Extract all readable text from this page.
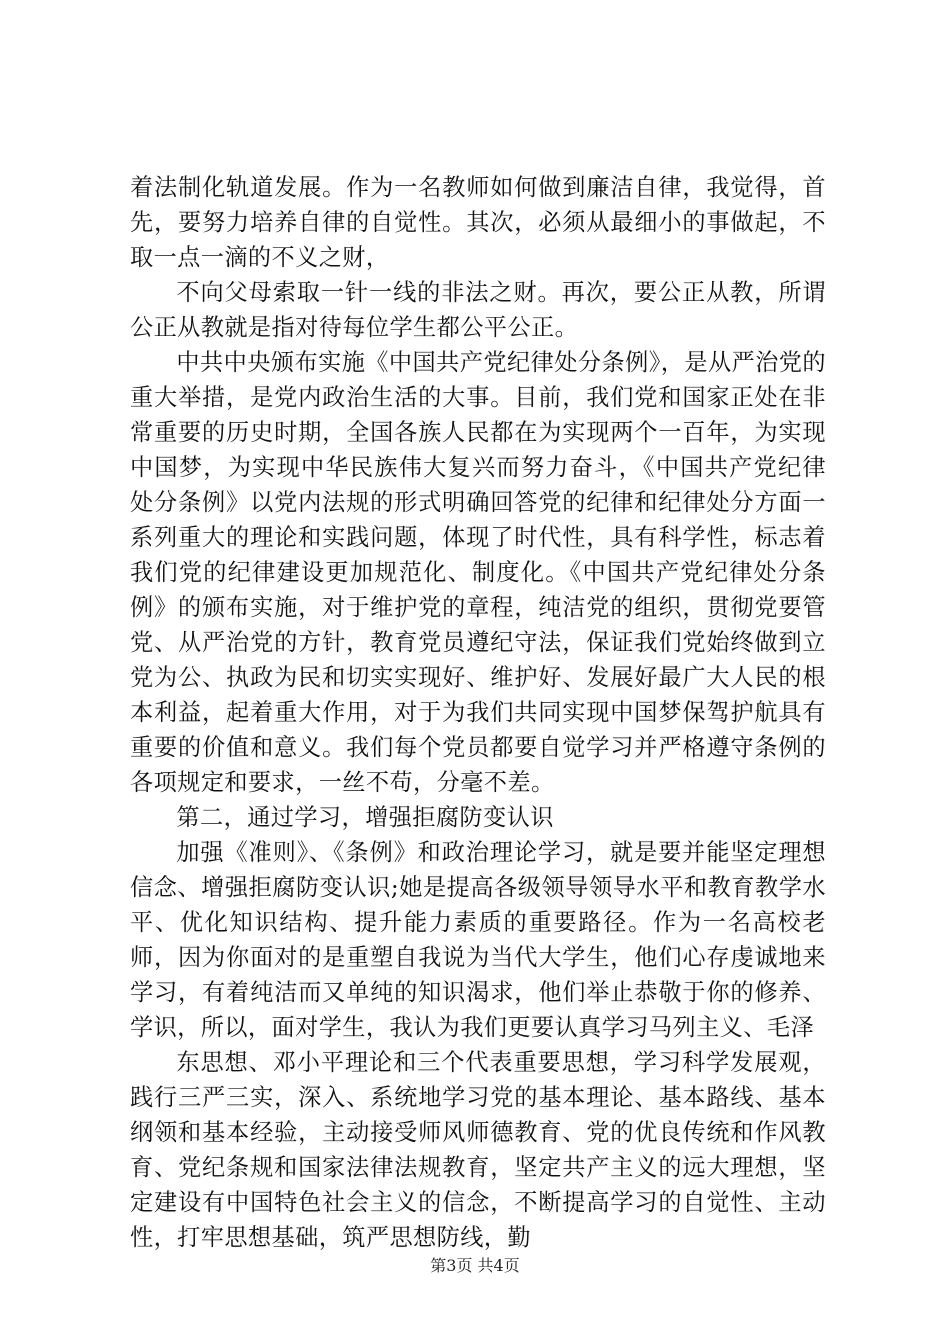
着法制化轨道发展。作为一名教师如何做到廉洁自律，我觉得，首先，要努力培养自律的自觉性。其次，必须从最细小的事做起，不取一点一滴的不义之财，

不向父母索取一针一线的非法之财。再次，要公正从教，所谓公正从教就是指对待每位学生都公平公正。

中共中央颁布实施《中国共产党纪律处分条例》，是从严治党的重大举措，是党内政治生活的大事。目前，我们党和国家正处在非常重要的历史时期，全国各族人民都在为实现两个一百年，为实现中国梦，为实现中华民族伟大复兴而努力奋斗，《中国共产党纪律处分条例》以党内法规的形式明确回答党的纪律和纪律处分方面一系列重大的理论和实践问题，体现了时代性，具有科学性，标志着我们党的纪律建设更加规范化、制度化。《中国共产党纪律处分条例》的颁布实施，对于维护党的章程，纯洁党的组织，贯彻党要管党、从严治党的方针，教育党员遵纪守法，保证我们党始终做到立党为公、执政为民和切实实现好、维护好、发展好最广大人民的根本利益，起着重大作用，对于为我们共同实现中国梦保驾护航具有重要的价值和意义。我们每个党员都要自觉学习并严格遵守条例的各项规定和要求，一丝不苟，分毫不差。

第二，通过学习，增强拒腐防变认识

加强《准则》、《条例》和政治理论学习，就是要并能坚定理想信念、增强拒腐防变认识;她是提高各级领导领导水平和教育教学水平、优化知识结构、提升能力素质的重要路径。作为一名高校老师，因为你面对的是重塑自我说为当代大学生，他们心存虔诚地来学习，有着纯洁而又单纯的知识渴求，他们举止恭敬于你的修养、学识，所以，面对学生，我认为我们更要认真学习马列主义、毛泽

东思想、邓小平理论和三个代表重要思想，学习科学发展观，践行三严三实，深入、系统地学习党的基本理论、基本路线、基本纲领和基本经验，主动接受师风师德教育、党的优良传统和作风教育、党纪条规和国家法律法规教育，坚定共产主义的远大理想，坚定建设有中国特色社会主义的信念，不断提高学习的自觉性、主动性，打牢思想基础，筑严思想防线，勤

第3页 共4页
